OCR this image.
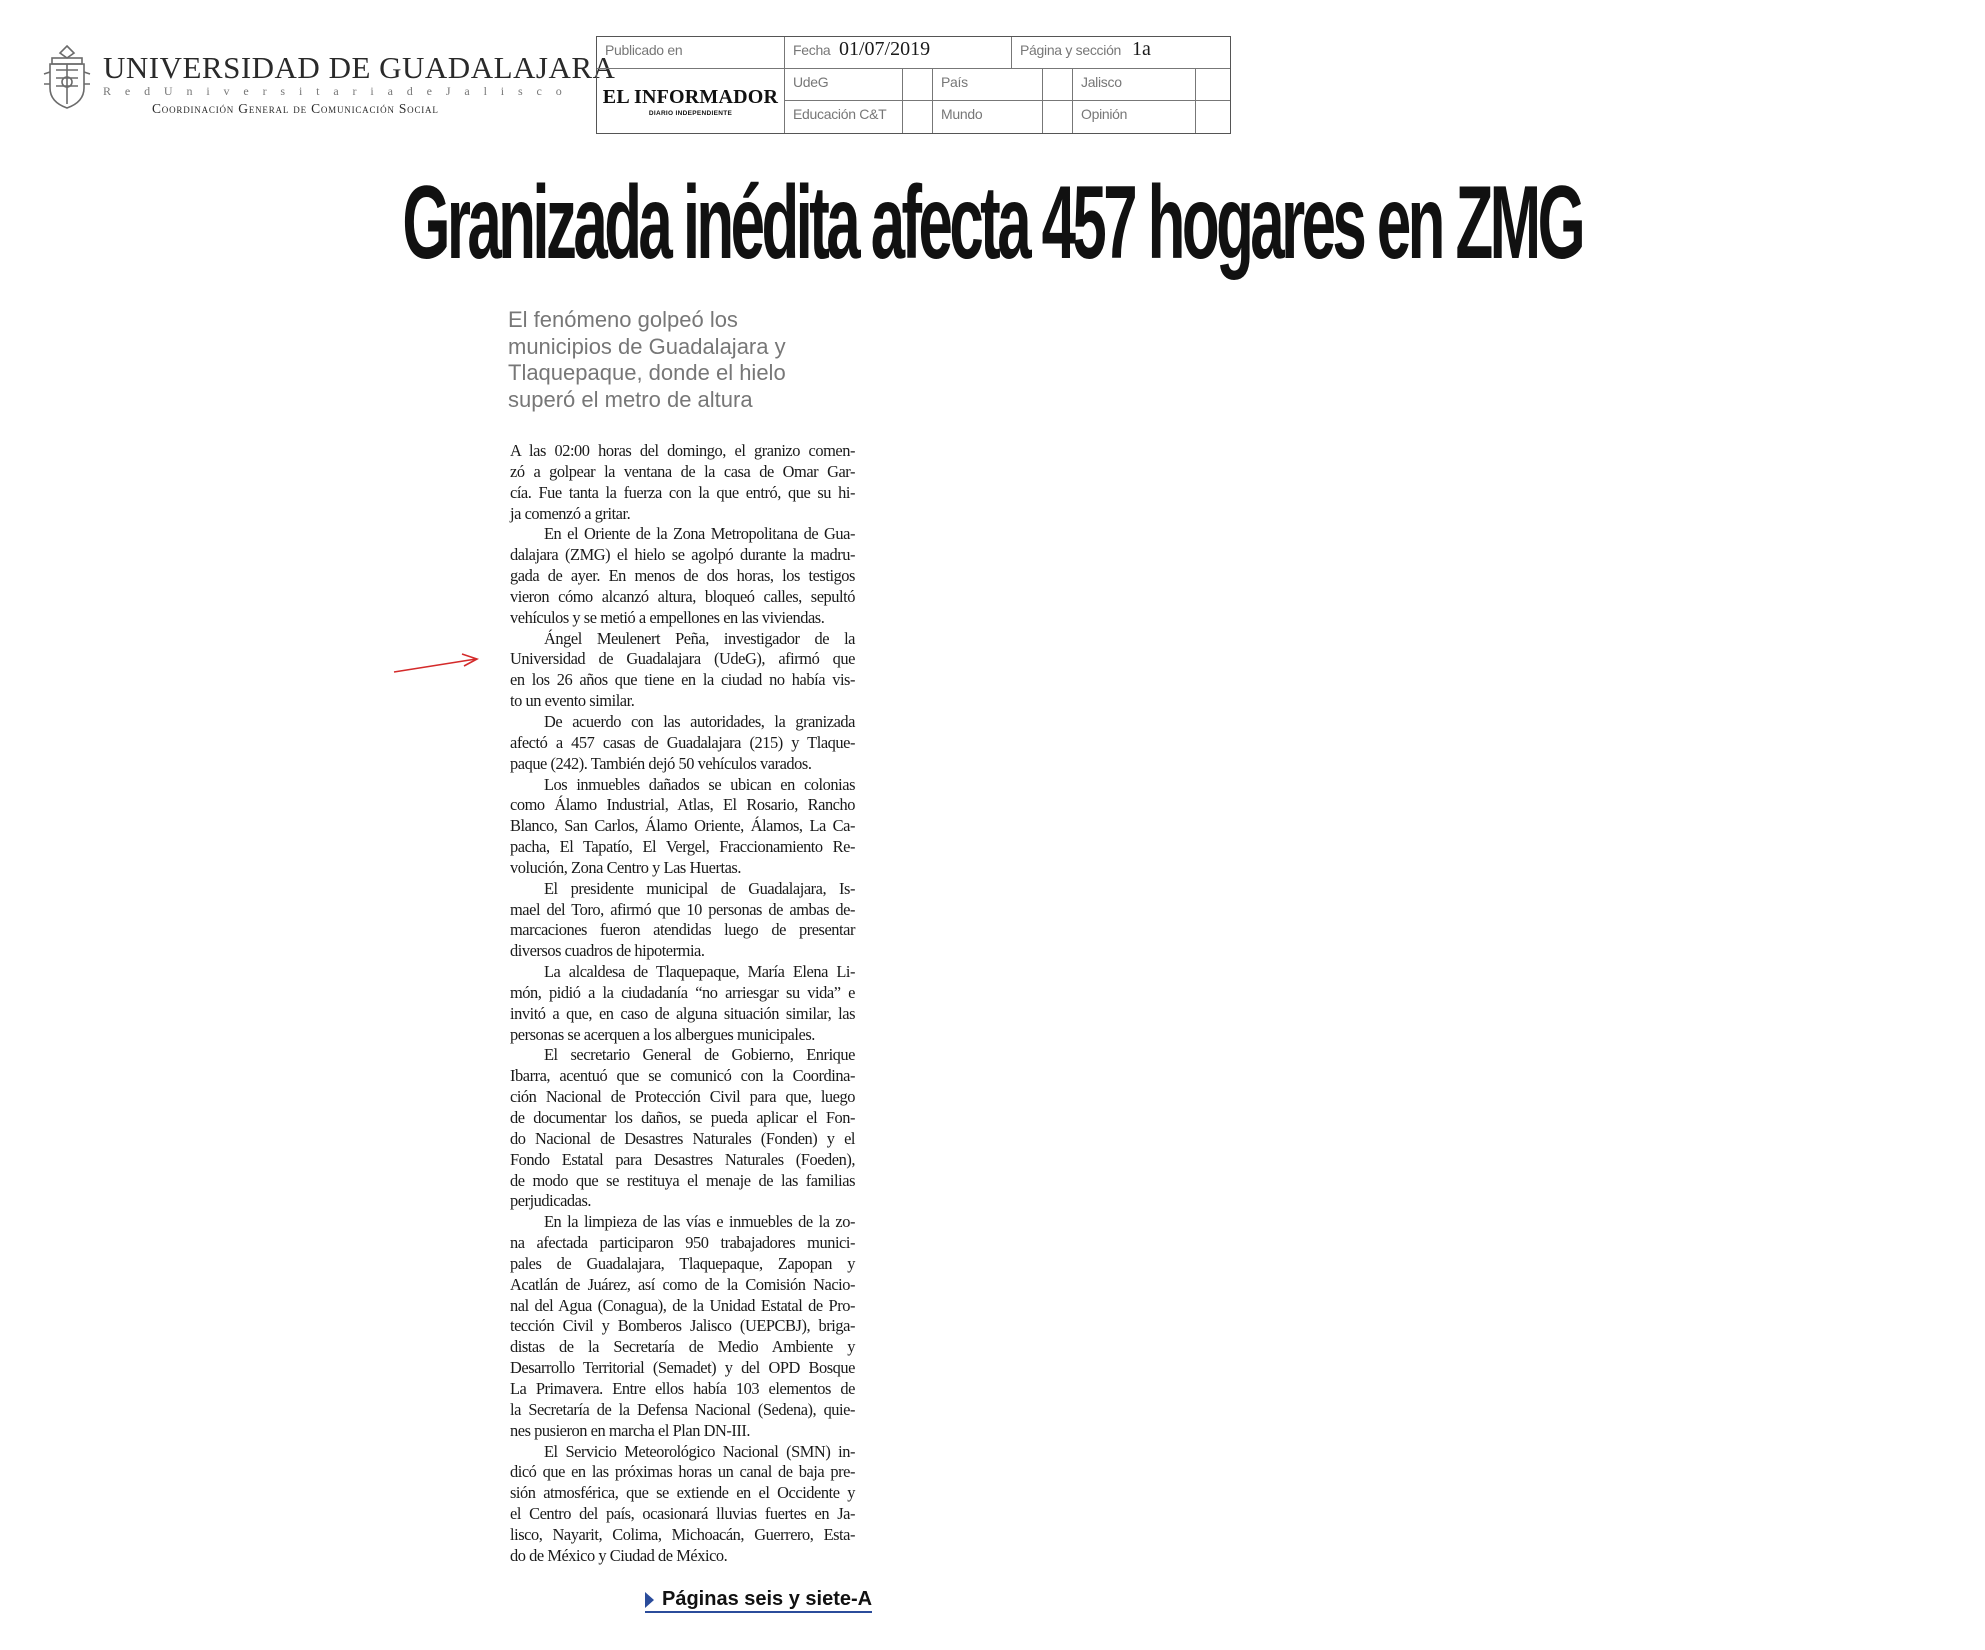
UNIVERSIDAD DE GUADALAJARA
R e d U n i v e r s i t a r i a d e J a l i s c o
Coordinación General de Comunicación Social
Publicado en	Fecha 01/07/2019	Página y sección 1a
EL INFORMADOR
DIARIO INDEPENDIENTE
UdeG	País	Jalisco
Educación C&T	Mundo	Opinión
Granizada inédita afecta 457 hogares en ZMG
El fenómeno golpeó los
municipios de Guadalajara y
Tlaquepaque, donde el hielo
superó el metro de altura
A las 02:00 horas del domingo, el granizo comen-
zó a golpear la ventana de la casa de Omar Gar-
cía. Fue tanta la fuerza con la que entró, que su hi-
ja comenzó a gritar.
En el Oriente de la Zona Metropolitana de Gua-
dalajara (ZMG) el hielo se agolpó durante la madru-
gada de ayer. En menos de dos horas, los testigos
vieron cómo alcanzó altura, bloqueó calles, sepultó
vehículos y se metió a empellones en las viviendas.
Ángel Meulenert Peña, investigador de la
Universidad de Guadalajara (UdeG), afirmó que
en los 26 años que tiene en la ciudad no había vis-
to un evento similar.
De acuerdo con las autoridades, la granizada
afectó a 457 casas de Guadalajara (215) y Tlaque-
paque (242). También dejó 50 vehículos varados.
Los inmuebles dañados se ubican en colonias
como Álamo Industrial, Atlas, El Rosario, Rancho
Blanco, San Carlos, Álamo Oriente, Álamos, La Ca-
pacha, El Tapatío, El Vergel, Fraccionamiento Re-
volución, Zona Centro y Las Huertas.
El presidente municipal de Guadalajara, Is-
mael del Toro, afirmó que 10 personas de ambas de-
marcaciones fueron atendidas luego de presentar
diversos cuadros de hipotermia.
La alcaldesa de Tlaquepaque, María Elena Li-
món, pidió a la ciudadanía “no arriesgar su vida” e
invitó a que, en caso de alguna situación similar, las
personas se acerquen a los albergues municipales.
El secretario General de Gobierno, Enrique
Ibarra, acentuó que se comunicó con la Coordina-
ción Nacional de Protección Civil para que, luego
de documentar los daños, se pueda aplicar el Fon-
do Nacional de Desastres Naturales (Fonden) y el
Fondo Estatal para Desastres Naturales (Foeden),
de modo que se restituya el menaje de las familias
perjudicadas.
En la limpieza de las vías e inmuebles de la zo-
na afectada participaron 950 trabajadores munici-
pales de Guadalajara, Tlaquepaque, Zapopan y
Acatlán de Juárez, así como de la Comisión Nacio-
nal del Agua (Conagua), de la Unidad Estatal de Pro-
tección Civil y Bomberos Jalisco (UEPCBJ), briga-
distas de la Secretaría de Medio Ambiente y
Desarrollo Territorial (Semadet) y del OPD Bosque
La Primavera. Entre ellos había 103 elementos de
la Secretaría de la Defensa Nacional (Sedena), quie-
nes pusieron en marcha el Plan DN-III.
El Servicio Meteorológico Nacional (SMN) in-
dicó que en las próximas horas un canal de baja pre-
sión atmosférica, que se extiende en el Occidente y
el Centro del país, ocasionará lluvias fuertes en Ja-
lisco, Nayarit, Colima, Michoacán, Guerrero, Esta-
do de México y Ciudad de México.
Páginas seis y siete-A
